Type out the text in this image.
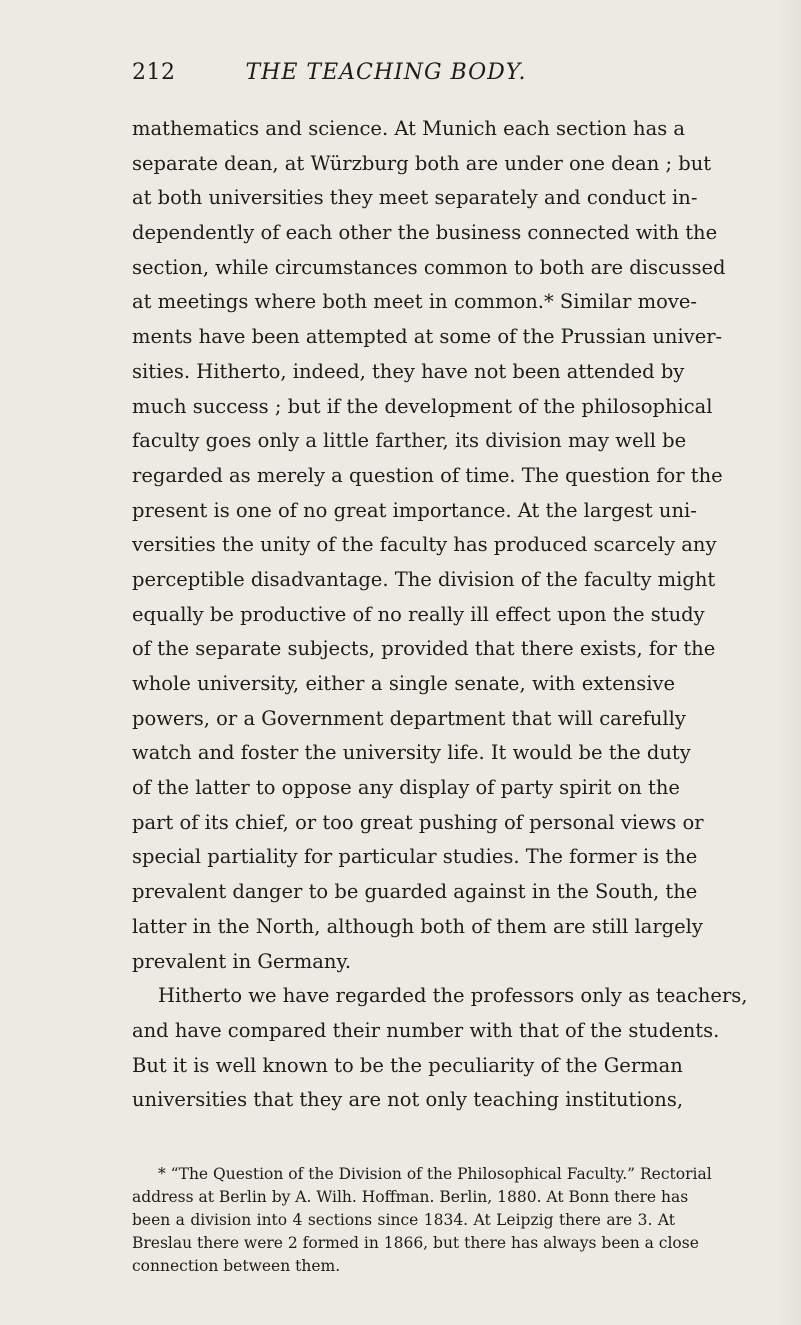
212	THE TEACHING BODY.
mathematics and science. At Munich each section has a
separate dean, at Würzburg both are under one dean ; but
at both universities they meet separately and conduct in-
dependently of each other the business connected with the
section, while circumstances common to both are discussed
at meetings where both meet in common.* Similar move-
ments have been attempted at some of the Prussian univer-
sities. Hitherto, indeed, they have not been attended by
much success ; but if the development of the philosophical
faculty goes only a little farther, its division may well be
regarded as merely a question of time. The question for the
present is one of no great importance. At the largest uni-
versities the unity of the faculty has produced scarcely any
perceptible disadvantage. The division of the faculty might
equally be productive of no really ill effect upon the study
of the separate subjects, provided that there exists, for the
whole university, either a single senate, with extensive
powers, or a Government department that will carefully
watch and foster the university life. It would be the duty
of the latter to oppose any display of party spirit on the
part of its chief, or too great pushing of personal views or
special partiality for particular studies. The former is the
prevalent danger to be guarded against in the South, the
latter in the North, although both of them are still largely
prevalent in Germany.
Hitherto we have regarded the professors only as teachers,
and have compared their number with that of the students.
But it is well known to be the peculiarity of the German
universities that they are not only teaching institutions,
* “The Question of the Division of the Philosophical Faculty.” Rectorial
address at Berlin by A. Wilh. Hoffman. Berlin, 1880. At Bonn there has
been a division into 4 sections since 1834. At Leipzig there are 3. At
Breslau there were 2 formed in 1866, but there has always been a close
connection between them.
